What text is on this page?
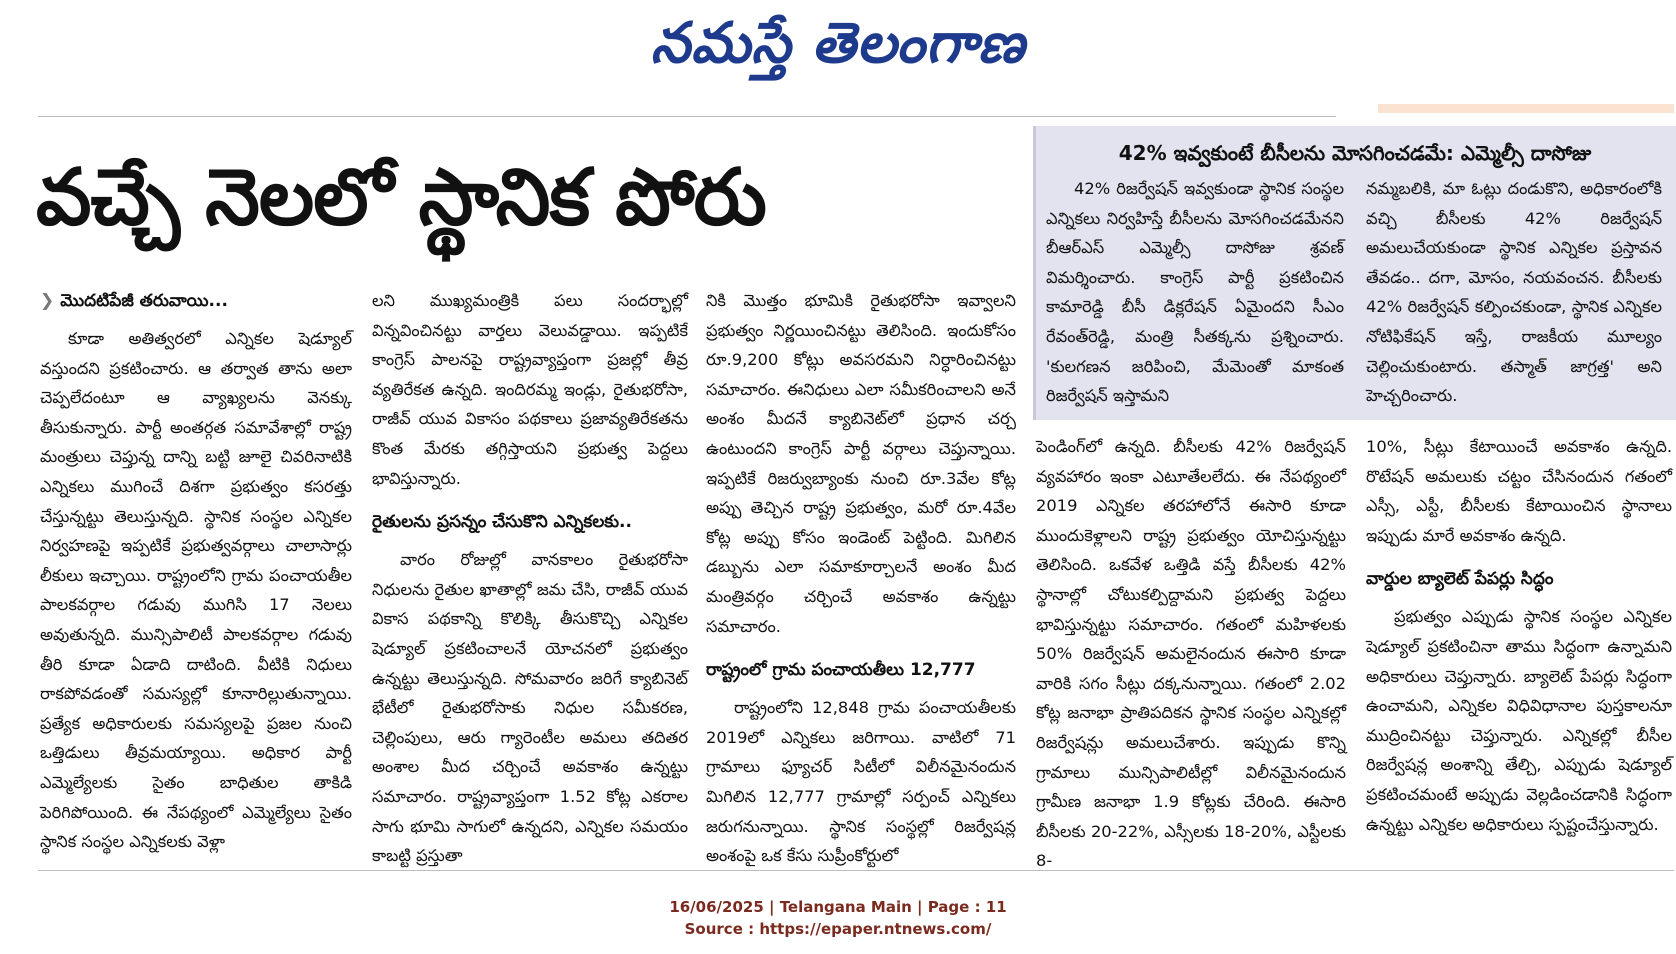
నమస్తే తెలంగాణ
వచ్చే నెలలో స్థానిక పోరు	42% ఇవ్వకుంటే బీసీలను మోసగించడమే: ఎమ్మెల్సీ దాసోజు

42% రిజర్వేషన్ ఇవ్వకుండా స్థానిక సంస్థల ఎన్నికలు నిర్వహిస్తే బీసీలను మోసగించడమేనని బీఆర్ఎస్ ఎమ్మెల్సీ దాసోజు శ్రవణ్ విమర్శించారు. కాంగ్రెస్ పార్టీ ప్రకటించిన కామారెడ్డి బీసీ డిక్లరేషన్ ఏమైందని సీఎం రేవంత్‌రెడ్డి, మంత్రి సీతక్కను ప్రశ్నించారు. 'కులగణన జరిపించి, మేమెంతో మాకంత రిజర్వేషన్ ఇస్తామని

నమ్మబలికి, మా ఓట్లు దండుకొని, అధికారంలోకి వచ్చి బీసీలకు 42% రిజర్వేషన్ అమలుచేయకుండా స్థానిక ఎన్నికల ప్రస్తావన తేవడం.. దగా, మోసం, నయవంచన. బీసీలకు 42% రిజర్వేషన్ కల్పించకుండా, స్థానిక ఎన్నికల నోటిఫికేషన్ ఇస్తే, రాజకీయ మూల్యం చెల్లించుకుంటారు. తస్మాత్ జాగ్రత్త' అని హెచ్చరించారు.

❯ మొదటిపేజీ తరువాయి...

కూడా అతిత్వరలో ఎన్నికల షెడ్యూల్ వస్తుందని ప్రకటించారు. ఆ తర్వాత తాను అలా చెప్పలేదంటూ ఆ వ్యాఖ్యలను వెనక్కు తీసుకున్నారు. పార్టీ అంతర్గత సమావేశాల్లో రాష్ట్ర మంత్రులు చెప్తున్న దాన్ని బట్టి జూలై చివరినాటికి ఎన్నికలు ముగించే దిశగా ప్రభుత్వం కసరత్తు చేస్తున్నట్టు తెలుస్తున్నది. స్థానిక సంస్థల ఎన్నికల నిర్వహణపై ఇప్పటికే ప్రభుత్వవర్గాలు చాలాసార్లు లీకులు ఇచ్చాయి. రాష్ట్రంలోని గ్రామ పంచాయతీల పాలకవర్గాల గడువు ముగిసి 17 నెలలు అవుతున్నది. మున్సిపాలిటీ పాలకవర్గాల గడువు తీరి కూడా ఏడాది దాటింది. వీటికి నిధులు రాకపోవడంతో సమస్యల్లో కూనారిల్లుతున్నాయి. ప్రత్యేక అధికారులకు సమస్యలపై ప్రజల నుంచి ఒత్తిడులు తీవ్రమయ్యాయి. అధికార పార్టీ ఎమ్మెల్యేలకు సైతం బాధితుల తాకిడి పెరిగిపోయింది. ఈ నేపథ్యంలో ఎమ్మెల్యేలు సైతం స్థానిక సంస్థల ఎన్నికలకు వెళ్లా

లని ముఖ్యమంత్రికి పలు సందర్భాల్లో విన్నవించినట్టు వార్తలు వెలువడ్డాయి. ఇప్పటికే కాంగ్రెస్ పాలనపై రాష్ట్రవ్యాప్తంగా ప్రజల్లో తీవ్ర వ్యతిరేకత ఉన్నది. ఇందిరమ్మ ఇండ్లు, రైతుభరోసా, రాజీవ్ యువ వికాసం పథకాలు ప్రజావ్యతిరేకతను కొంత మేరకు తగ్గిస్తాయని ప్రభుత్వ పెద్దలు భావిస్తున్నారు.

రైతులను ప్రసన్నం చేసుకొని ఎన్నికలకు..

వారం రోజుల్లో వానకాలం రైతుభరోసా నిధులను రైతుల ఖాతాల్లో జమ చేసి, రాజీవ్ యువ వికాస పథకాన్ని కొలిక్కి తీసుకొచ్చి ఎన్నికల షెడ్యూల్ ప్రకటించాలనే యోచనలో ప్రభుత్వం ఉన్నట్టు తెలుస్తున్నది. సోమవారం జరిగే క్యాబినెట్ భేటీలో రైతుభరోసాకు నిధుల సమీకరణ, చెల్లింపులు, ఆరు గ్యారెంటీల అమలు తదితర అంశాల మీద చర్చించే అవకాశం ఉన్నట్టు సమాచారం. రాష్ట్రవ్యాప్తంగా 1.52 కోట్ల ఎకరాల సాగు భూమి సాగులో ఉన్నదని, ఎన్నికల సమయం కాబట్టి ప్రస్తుతా

నికి మొత్తం భూమికి రైతుభరోసా ఇవ్వాలని ప్రభుత్వం నిర్ణయించినట్టు తెలిసింది. ఇందుకోసం రూ.9,200 కోట్లు అవసరమని నిర్ధారించినట్టు సమాచారం. ఈనిధులు ఎలా సమీకరించాలని అనే అంశం మీదనే క్యాబినెట్‌లో ప్రధాన చర్చ ఉంటుందని కాంగ్రెస్ పార్టీ వర్గాలు చెప్తున్నాయి. ఇప్పటికే రిజర్వుబ్యాంకు నుంచి రూ.3వేల కోట్ల అప్పు తెచ్చిన రాష్ట్ర ప్రభుత్వం, మరో రూ.4వేల కోట్ల అప్పు కోసం ఇండెంట్ పెట్టింది. మిగిలిన డబ్బును ఎలా సమాకూర్చాలనే అంశం మీద మంత్రివర్గం చర్చించే అవకాశం ఉన్నట్టు సమాచారం.

రాష్ట్రంలో గ్రామ పంచాయతీలు 12,777

రాష్ట్రంలోని 12,848 గ్రామ పంచాయతీలకు 2019లో ఎన్నికలు జరిగాయి. వాటిలో 71 గ్రామాలు ఫ్యూచర్ సిటీలో విలీనమైనందున మిగిలిన 12,777 గ్రామాల్లో సర్పంచ్ ఎన్నికలు జరుగనున్నాయి. స్థానిక సంస్థల్లో రిజర్వేషన్ల అంశంపై ఒక కేసు సుప్రీంకోర్టులో

పెండింగ్‌లో ఉన్నది. బీసీలకు 42% రిజర్వేషన్ వ్యవహారం ఇంకా ఎటూతేలలేదు. ఈ నేపథ్యంలో 2019 ఎన్నికల తరహాలోనే ఈసారి కూడా ముందుకెళ్లాలని రాష్ట్ర ప్రభుత్వం యోచిస్తున్నట్టు తెలిసింది. ఒకవేళ ఒత్తిడి వస్తే బీసీలకు 42% స్థానాల్లో చోటుకల్పిద్దామని ప్రభుత్వ పెద్దలు భావిస్తున్నట్టు సమాచారం. గతంలో మహిళలకు 50% రిజర్వేషన్ అమలైనందున ఈసారి కూడా వారికి సగం సీట్లు దక్కనున్నాయి. గతంలో 2.02 కోట్ల జనాభా ప్రాతిపదికన స్థానిక సంస్థల ఎన్నికల్లో రిజర్వేషన్లు అమలుచేశారు. ఇప్పుడు కొన్ని గ్రామాలు మున్సిపాలిటీల్లో విలీనమైనందున గ్రామీణ జనాభా 1.9 కోట్లకు చేరింది. ఈసారి బీసీలకు 20-22%, ఎస్సీలకు 18-20%, ఎస్టీలకు 8-

10%, సీట్లు కేటాయించే అవకాశం ఉన్నది. రొటేషన్ అమలుకు చట్టం చేసినందున గతంలో ఎస్సీ, ఎస్టీ, బీసీలకు కేటాయించిన స్థానాలు ఇప్పుడు మారే అవకాశం ఉన్నది.

వార్డుల బ్యాలెట్ పేపర్లు సిద్ధం

ప్రభుత్వం ఎప్పుడు స్థానిక సంస్థల ఎన్నికల షెడ్యూల్ ప్రకటించినా తాము సిద్ధంగా ఉన్నామని అధికారులు చెప్తున్నారు. బ్యాలెట్ పేపర్లు సిద్ధంగా ఉంచామని, ఎన్నికల విధివిధానాల పుస్తకాలనూ ముద్రించినట్టు చెప్తున్నారు. ఎన్నికల్లో బీసీల రిజర్వేషన్ల అంశాన్ని తేల్చి, ఎప్పుడు షెడ్యూల్ ప్రకటించమంటే అప్పుడు వెల్లడించడానికి సిద్ధంగా ఉన్నట్టు ఎన్నికల అధికారులు స్పష్టంచేస్తున్నారు.

16/06/2025 | Telangana Main | Page : 11
Source : https://epaper.ntnews.com/
